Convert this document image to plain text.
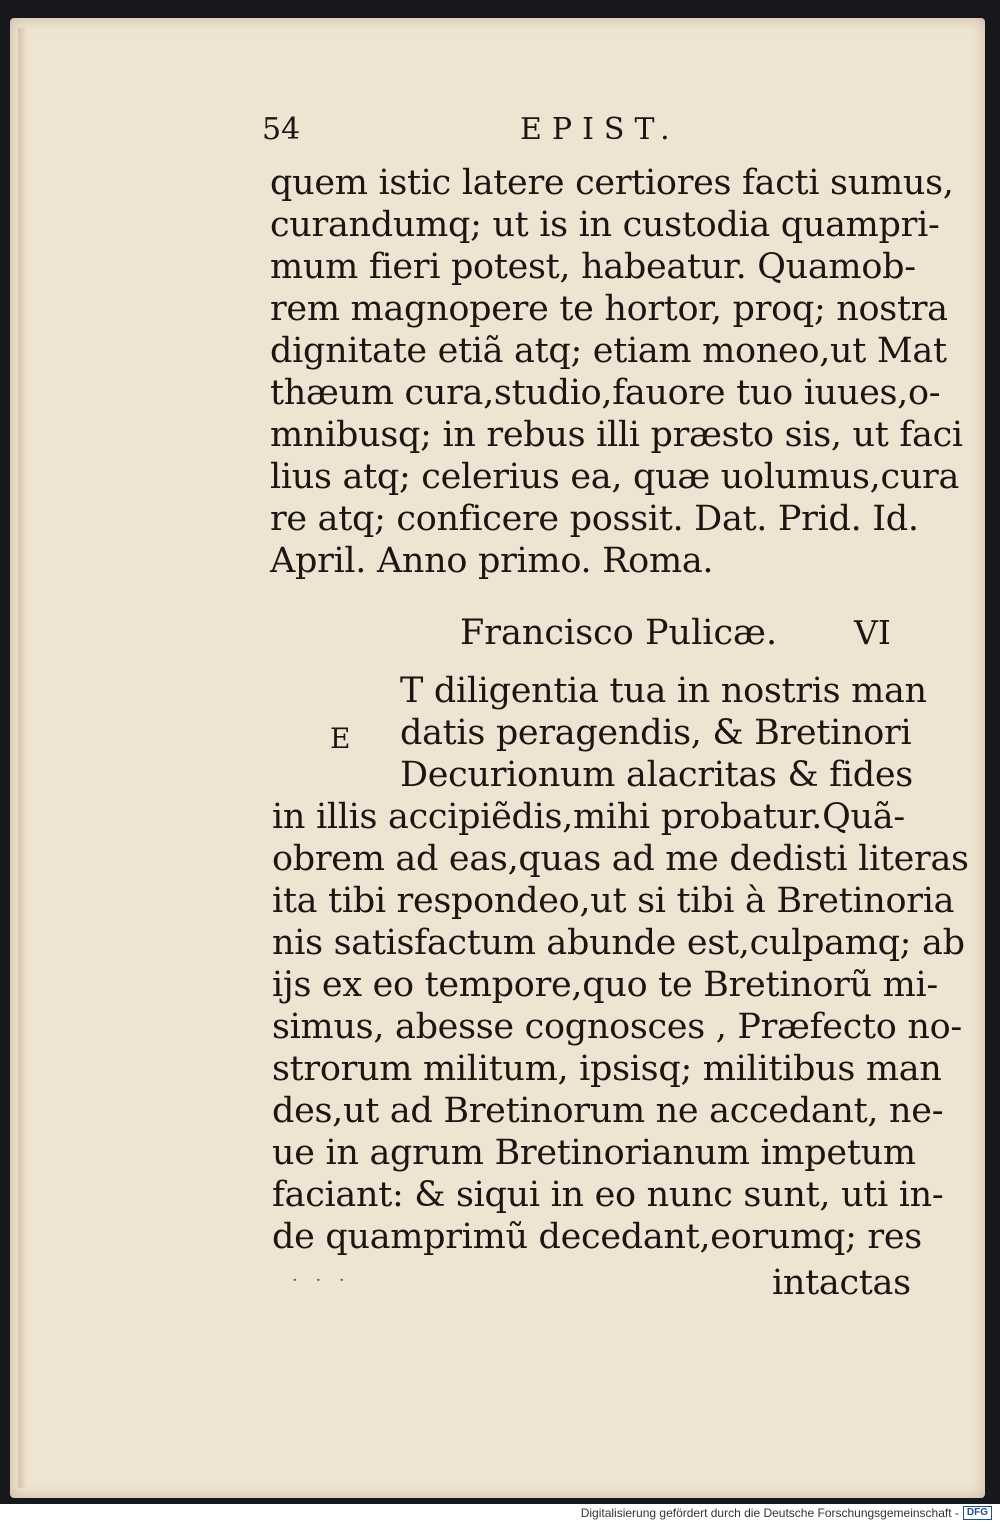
54	EPIST.
quem istic latere certiores facti sumus,
curandumq; ut is in custodia quampri-
mum fieri potest, habeatur. Quamob-
rem magnopere te hortor, proq; nostra
dignitate etiã atq; etiam moneo,ut Mat
thæum cura,studio,fauore tuo iuues,o-
mnibusq; in rebus illi præsto sis, ut faci
lius atq; celerius ea, quæ uolumus,cura
re atq; conficere possit. Dat. Prid. Id.
April. Anno primo. Roma.
Francisco Pulicæ. VI
E
T diligentia tua in nostris man
datis peragendis, & Bretinori
Decurionum alacritas & fides
in illis accipiẽdis,mihi probatur.Quã-
obrem ad eas,quas ad me dedisti literas
ita tibi respondeo,ut si tibi à Bretinoria
nis satisfactum abunde est,culpamq; ab
ijs ex eo tempore,quo te Bretinorũ mi-
simus, abesse cognosces , Præfecto no-
strorum militum, ipsisq; militibus man
des,ut ad Bretinorum ne accedant, ne-
ue in agrum Bretinorianum impetum
faciant: & siqui in eo nunc sunt, uti in-
de quamprimũ decedant,eorumq; res
intactas
· · ·
Digitalisierung gefördert durch die Deutsche Forschungsgemeinschaft - DFG
